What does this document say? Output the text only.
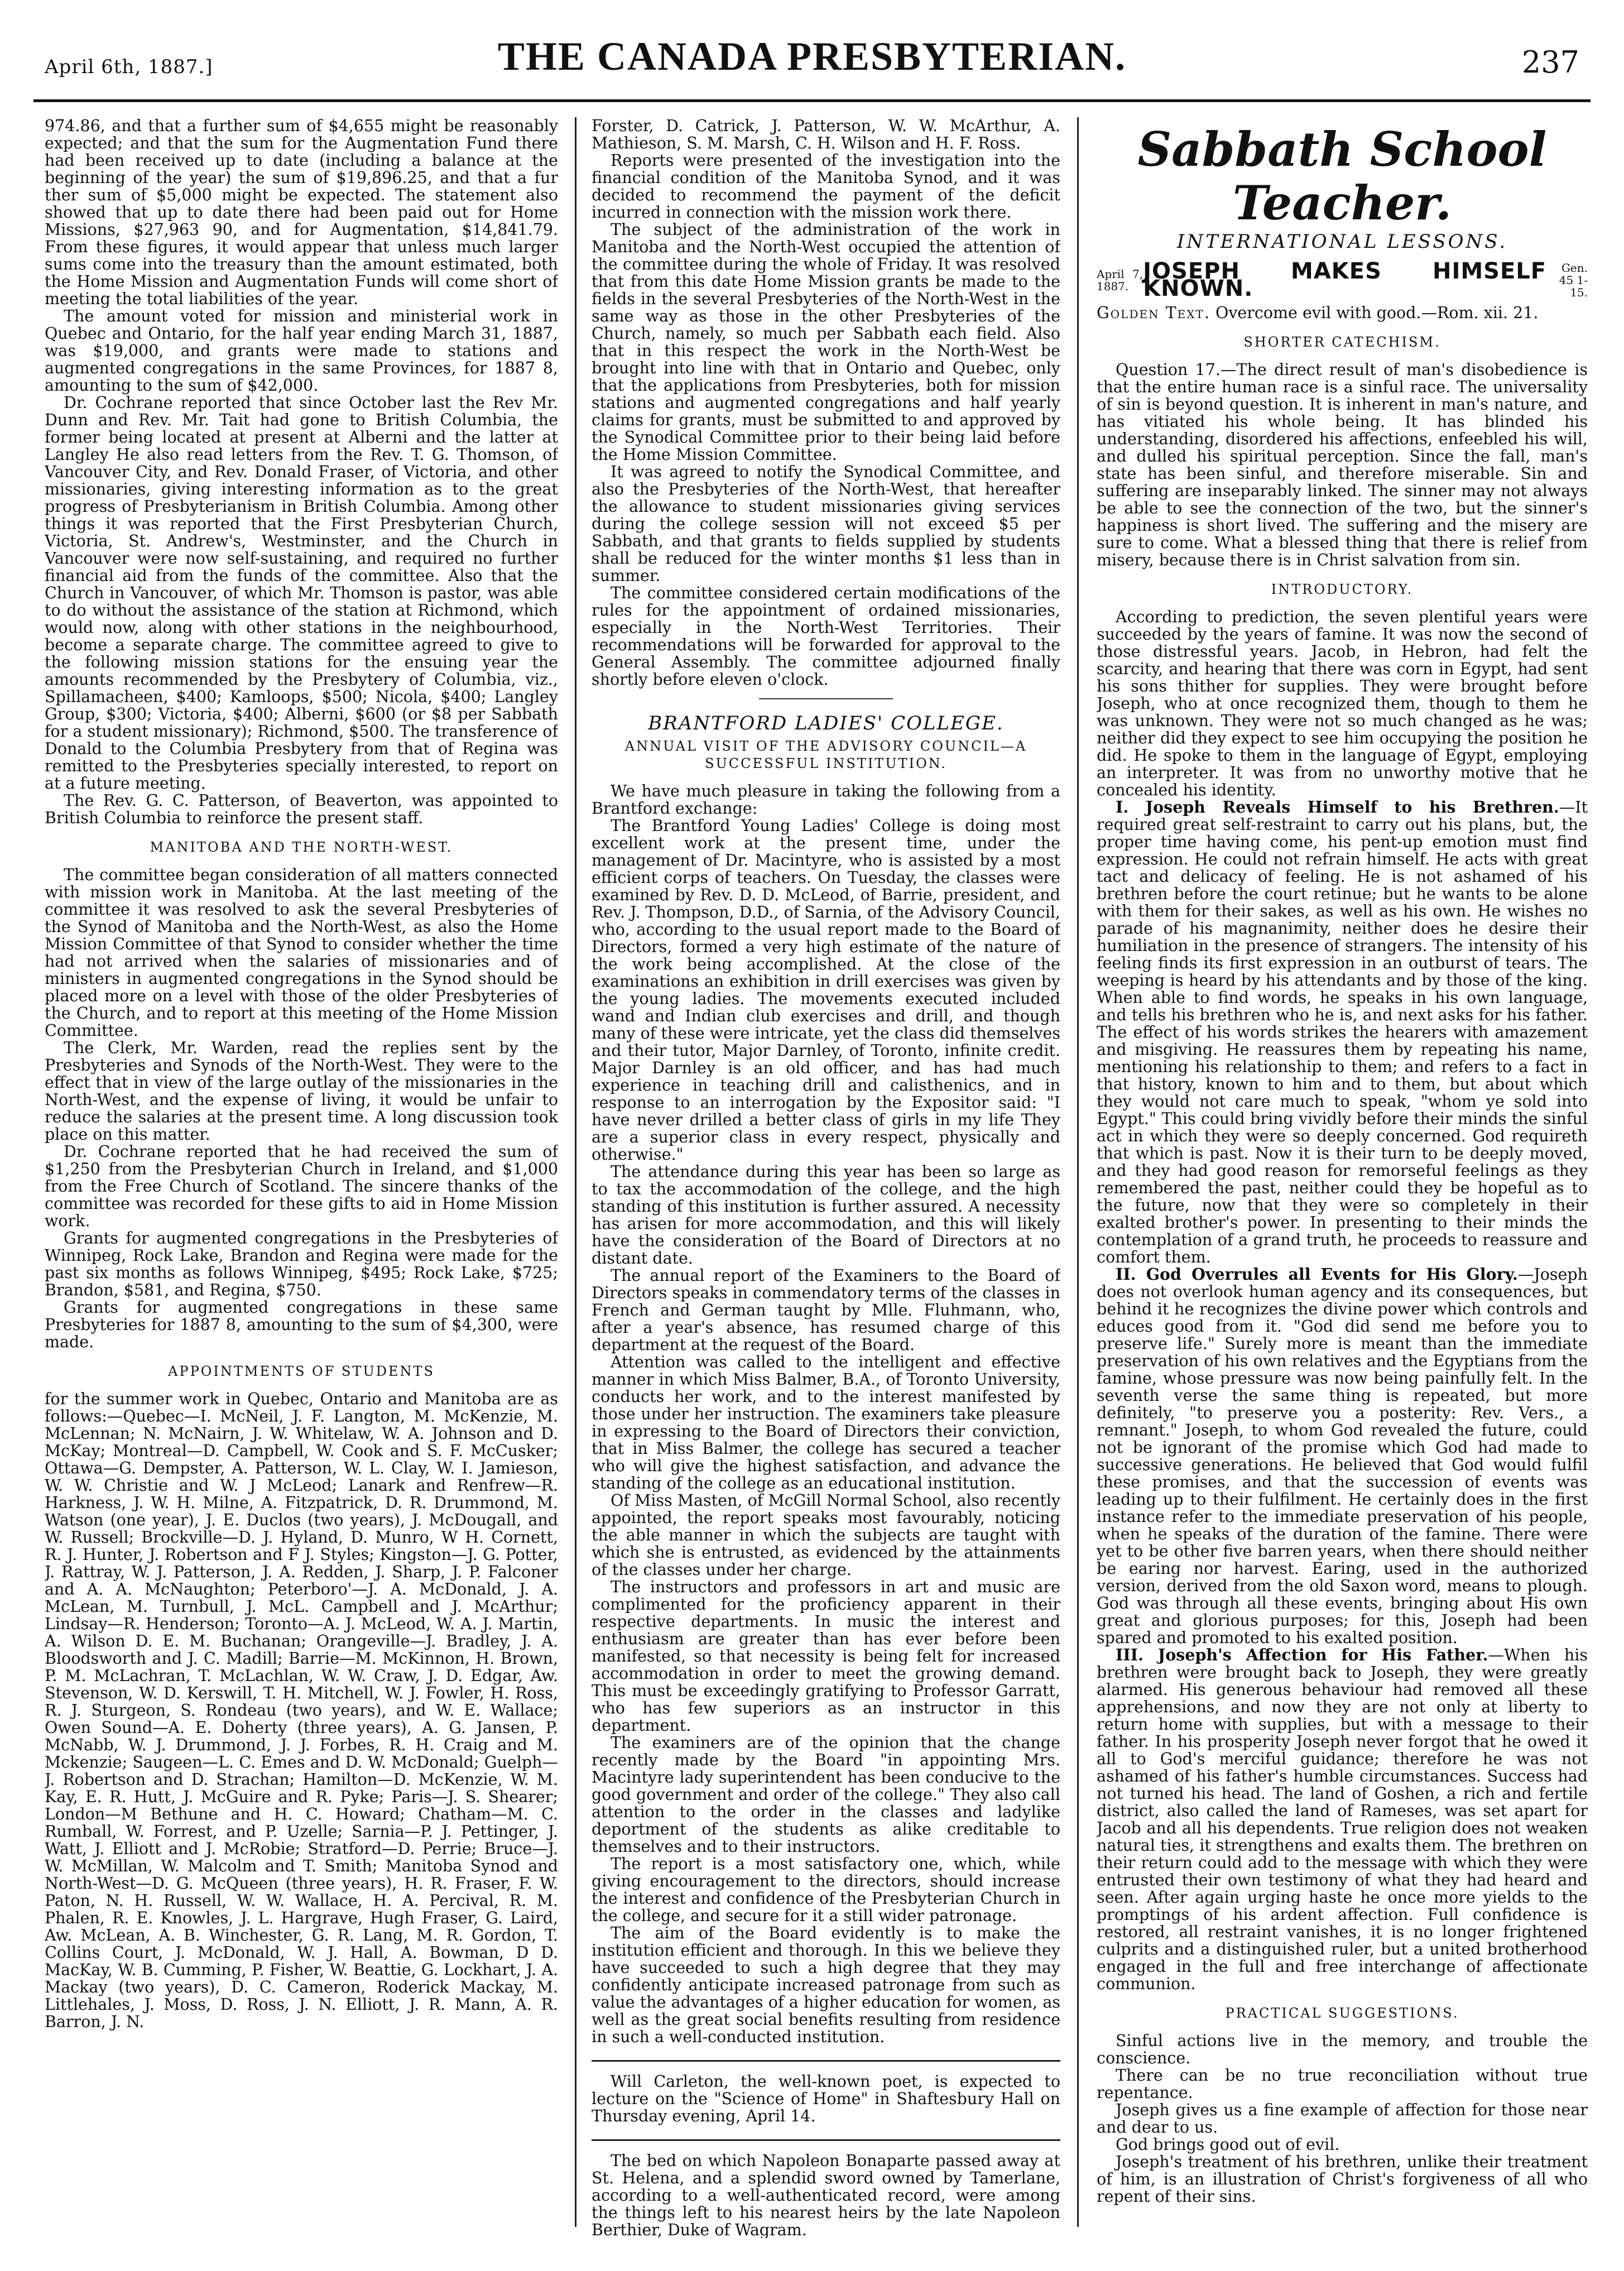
April 6th, 1887.]	THE CANADA PRESBYTERIAN.	237

974.86, and that a further sum of $4,655 might be reasonably expected; and that the sum for the Augmentation Fund there had been received up to date (including a balance at the beginning of the year) the sum of $19,896.25, and that a fur ther sum of $5,000 might be expected. The statement also showed that up to date there had been paid out for Home Missions, $27,963 90, and for Augmentation, $14,841.79. From these figures, it would appear that unless much larger sums come into the treasury than the amount estimated, both the Home Mission and Augmentation Funds will come short of meeting the total liabilities of the year.

The amount voted for mission and ministerial work in Quebec and Ontario, for the half year ending March 31, 1887, was $19,000, and grants were made to stations and augmented congregations in the same Provinces, for 1887 8, amounting to the sum of $42,000.

Dr. Cochrane reported that since October last the Rev Mr. Dunn and Rev. Mr. Tait had gone to British Columbia, the former being located at present at Alberni and the latter at Langley He also read letters from the Rev. T. G. Thomson, of Vancouver City, and Rev. Donald Fraser, of Victoria, and other missionaries, giving interesting information as to the great progress of Presbyterianism in British Columbia. Among other things it was reported that the First Presbyterian Church, Victoria, St. Andrew's, Westminster, and the Church in Vancouver were now self-sustaining, and required no further financial aid from the funds of the committee. Also that the Church in Vancouver, of which Mr. Thomson is pastor, was able to do without the assistance of the station at Richmond, which would now, along with other stations in the neighbourhood, become a separate charge. The committee agreed to give to the following mission stations for the ensuing year the amounts recommended by the Presbytery of Columbia, viz., Spillamacheen, $400; Kamloops, $500; Nicola, $400; Langley Group, $300; Victoria, $400; Alberni, $600 (or $8 per Sabbath for a student missionary); Richmond, $500. The transference of Donald to the Columbia Presbytery from that of Regina was remitted to the Presbyteries specially interested, to report on at a future meeting.

The Rev. G. C. Patterson, of Beaverton, was appointed to British Columbia to reinforce the present staff.

MANITOBA AND THE NORTH-WEST.

The committee began consideration of all matters connected with mission work in Manitoba. At the last meeting of the committee it was resolved to ask the several Presbyteries of the Synod of Manitoba and the North-West, as also the Home Mission Committee of that Synod to consider whether the time had not arrived when the salaries of missionaries and of ministers in augmented congregations in the Synod should be placed more on a level with those of the older Presbyteries of the Church, and to report at this meeting of the Home Mission Committee.

The Clerk, Mr. Warden, read the replies sent by the Presbyteries and Synods of the North-West. They were to the effect that in view of the large outlay of the missionaries in the North-West, and the expense of living, it would be unfair to reduce the salaries at the present time. A long discussion took place on this matter.

Dr. Cochrane reported that he had received the sum of $1,250 from the Presbyterian Church in Ireland, and $1,000 from the Free Church of Scotland. The sincere thanks of the committee was recorded for these gifts to aid in Home Mission work.

Grants for augmented congregations in the Presbyteries of Winnipeg, Rock Lake, Brandon and Regina were made for the past six months as follows Winnipeg, $495; Rock Lake, $725; Brandon, $581, and Regina, $750.

Grants for augmented congregations in these same Presbyteries for 1887 8, amounting to the sum of $4,300, were made.

APPOINTMENTS OF STUDENTS

for the summer work in Quebec, Ontario and Manitoba are as follows:—Quebec—I. McNeil, J. F. Langton, M. McKenzie, M. McLennan; N. McNairn, J. W. Whitelaw, W. A. Johnson and D. McKay; Montreal—D. Campbell, W. Cook and S. F. McCusker; Ottawa—G. Dempster, A. Patterson, W. L. Clay, W. I. Jamieson, W. W. Christie and W. J McLeod; Lanark and Renfrew—R. Harkness, J. W. H. Milne, A. Fitzpatrick, D. R. Drummond, M. Watson (one year), J. E. Duclos (two years), J. McDougall, and W. Russell; Brockville—D. J. Hyland, D. Munro, W H. Cornett, R. J. Hunter, J. Robertson and F J. Styles; Kingston—J. G. Potter, J. Rattray, W. J. Patterson, J. A. Redden, J. Sharp, J. P. Falconer and A. A. McNaughton; Peterboro'—J. A. McDonald, J. A. McLean, M. Turnbull, J. McL. Campbell and J. McArthur; Lindsay—R. Henderson; Toronto—A. J. McLeod, W. A. J. Martin, A. Wilson D. E. M. Buchanan; Orangeville—J. Bradley, J. A. Bloodsworth and J. C. Madill; Barrie—M. McKinnon, H. Brown, P. M. McLachran, T. McLachlan, W. W. Craw, J. D. Edgar, Aw. Stevenson, W. D. Kerswill, T. H. Mitchell, W. J. Fowler, H. Ross, R. J. Sturgeon, S. Rondeau (two years), and W. E. Wallace; Owen Sound—A. E. Doherty (three years), A. G. Jansen, P. McNabb, W. J. Drummond, J. J. Forbes, R. H. Craig and M. Mckenzie; Saugeen—L. C. Emes and D. W. McDonald; Guelph—J. Robertson and D. Strachan; Hamilton—D. McKenzie, W. M. Kay, E. R. Hutt, J. McGuire and R. Pyke; Paris—J. S. Shearer; London—M Bethune and H. C. Howard; Chatham—M. C. Rumball, W. Forrest, and P. Uzelle; Sarnia—P. J. Pettinger, J. Watt, J. Elliott and J. McRobie; Stratford—D. Perrie; Bruce—J. W. McMillan, W. Malcolm and T. Smith; Manitoba Synod and North-West—D. G. McQueen (three years), H. R. Fraser, F. W. Paton, N. H. Russell, W. W. Wallace, H. A. Percival, R. M. Phalen, R. E. Knowles, J. L. Hargrave, Hugh Fraser, G. Laird, Aw. McLean, A. B. Winchester, G. R. Lang, M. R. Gordon, T. Collins Court, J. McDonald, W. J. Hall, A. Bowman, D D. MacKay, W. B. Cumming, P. Fisher, W. Beattie, G. Lockhart, J. A. Mackay (two years), D. C. Cameron, Roderick Mackay, M. Littlehales, J. Moss, D. Ross, J. N. Elliott, J. R. Mann, A. R. Barron, J. N.

Forster, D. Catrick, J. Patterson, W. W. McArthur, A. Mathieson, S. M. Marsh, C. H. Wilson and H. F. Ross.

Reports were presented of the investigation into the financial condition of the Manitoba Synod, and it was decided to recommend the payment of the deficit incurred in connection with the mission work there.

The subject of the administration of the work in Manitoba and the North-West occupied the attention of the committee during the whole of Friday. It was resolved that from this date Home Mission grants be made to the fields in the several Presbyteries of the North-West in the same way as those in the other Presbyteries of the Church, namely, so much per Sabbath each field. Also that in this respect the work in the North-West be brought into line with that in Ontario and Quebec, only that the applications from Presbyteries, both for mission stations and augmented congregations and half yearly claims for grants, must be submitted to and approved by the Synodical Committee prior to their being laid before the Home Mission Committee.

It was agreed to notify the Synodical Committee, and also the Presbyteries of the North-West, that hereafter the allowance to student missionaries giving services during the college session will not exceed $5 per Sabbath, and that grants to fields supplied by students shall be reduced for the winter months $1 less than in summer.

The committee considered certain modifications of the rules for the appointment of ordained missionaries, especially in the North-West Territories. Their recommendations will be forwarded for approval to the General Assembly. The committee adjourned finally shortly before eleven o'clock.

BRANTFORD LADIES' COLLEGE.
ANNUAL VISIT OF THE ADVISORY COUNCIL—A SUCCESSFUL INSTITUTION.

We have much pleasure in taking the following from a Brantford exchange:

The Brantford Young Ladies' College is doing most excellent work at the present time, under the management of Dr. Macintyre, who is assisted by a most efficient corps of teachers. On Tuesday, the classes were examined by Rev. D. D. McLeod, of Barrie, president, and Rev. J. Thompson, D.D., of Sarnia, of the Advisory Council, who, according to the usual report made to the Board of Directors, formed a very high estimate of the nature of the work being accomplished. At the close of the examinations an exhibition in drill exercises was given by the young ladies. The movements executed included wand and Indian club exercises and drill, and though many of these were intricate, yet the class did themselves and their tutor, Major Darnley, of Toronto, infinite credit. Major Darnley is an old officer, and has had much experience in teaching drill and calisthenics, and in response to an interrogation by the Expositor said: "I have never drilled a better class of girls in my life They are a superior class in every respect, physically and otherwise."

The attendance during this year has been so large as to tax the accommodation of the college, and the high standing of this institution is further assured. A necessity has arisen for more accommodation, and this will likely have the consideration of the Board of Directors at no distant date.

The annual report of the Examiners to the Board of Directors speaks in commendatory terms of the classes in French and German taught by Mlle. Fluhmann, who, after a year's absence, has resumed charge of this department at the request of the Board.

Attention was called to the intelligent and effective manner in which Miss Balmer, B.A., of Toronto University, conducts her work, and to the interest manifested by those under her instruction. The examiners take pleasure in expressing to the Board of Directors their conviction, that in Miss Balmer, the college has secured a teacher who will give the highest satisfaction, and advance the standing of the college as an educational institution.

Of Miss Masten, of McGill Normal School, also recently appointed, the report speaks most favourably, noticing the able manner in which the subjects are taught with which she is entrusted, as evidenced by the attainments of the classes under her charge.

The instructors and professors in art and music are complimented for the proficiency apparent in their respective departments. In music the interest and enthusiasm are greater than has ever before been manifested, so that necessity is being felt for increased accommodation in order to meet the growing demand. This must be exceedingly gratifying to Professor Garratt, who has few superiors as an instructor in this department.

The examiners are of the opinion that the change recently made by the Board "in appointing Mrs. Macintyre lady superintendent has been conducive to the good government and order of the college." They also call attention to the order in the classes and ladylike deportment of the students as alike creditable to themselves and to their instructors.

The report is a most satisfactory one, which, while giving encouragement to the directors, should increase the interest and confidence of the Presbyterian Church in the college, and secure for it a still wider patronage.

The aim of the Board evidently is to make the institution efficient and thorough. In this we believe they have succeeded to such a high degree that they may confidently anticipate increased patronage from such as value the advantages of a higher education for women, as well as the great social benefits resulting from residence in such a well-conducted institution.

Will Carleton, the well-known poet, is expected to lecture on the "Science of Home" in Shaftesbury Hall on Thursday evening, April 14.

The bed on which Napoleon Bonaparte passed away at St. Helena, and a splendid sword owned by Tamerlane, according to a well-authenticated record, were among the things left to his nearest heirs by the late Napoleon Berthier, Duke of Wagram.

Sabbath School Teacher.
INTERNATIONAL LESSONS.
April 7, 1887.
JOSEPH MAKES HIMSELF KNOWN.
Gen. 45 1-15.

Golden Text. Overcome evil with good.—Rom. xii. 21.

SHORTER CATECHISM.

Question 17.—The direct result of man's disobedience is that the entire human race is a sinful race. The universality of sin is beyond question. It is inherent in man's nature, and has vitiated his whole being. It has blinded his understanding, disordered his affections, enfeebled his will, and dulled his spiritual perception. Since the fall, man's state has been sinful, and therefore miserable. Sin and suffering are inseparably linked. The sinner may not always be able to see the connection of the two, but the sinner's happiness is short lived. The suffering and the misery are sure to come. What a blessed thing that there is relief from misery, because there is in Christ salvation from sin.

INTRODUCTORY.

According to prediction, the seven plentiful years were succeeded by the years of famine. It was now the second of those distressful years. Jacob, in Hebron, had felt the scarcity, and hearing that there was corn in Egypt, had sent his sons thither for supplies. They were brought before Joseph, who at once recognized them, though to them he was unknown. They were not so much changed as he was; neither did they expect to see him occupying the position he did. He spoke to them in the language of Egypt, employing an interpreter. It was from no unworthy motive that he concealed his identity.

I. Joseph Reveals Himself to his Brethren.—It required great self-restraint to carry out his plans, but, the proper time having come, his pent-up emotion must find expression. He could not refrain himself. He acts with great tact and delicacy of feeling. He is not ashamed of his brethren before the court retinue; but he wants to be alone with them for their sakes, as well as his own. He wishes no parade of his magnanimity, neither does he desire their humiliation in the presence of strangers. The intensity of his feeling finds its first expression in an outburst of tears. The weeping is heard by his attendants and by those of the king. When able to find words, he speaks in his own language, and tells his brethren who he is, and next asks for his father. The effect of his words strikes the hearers with amazement and misgiving. He reassures them by repeating his name, mentioning his relationship to them; and refers to a fact in that history, known to him and to them, but about which they would not care much to speak, "whom ye sold into Egypt." This could bring vividly before their minds the sinful act in which they were so deeply concerned. God requireth that which is past. Now it is their turn to be deeply moved, and they had good reason for remorseful feelings as they remembered the past, neither could they be hopeful as to the future, now that they were so completely in their exalted brother's power. In presenting to their minds the contemplation of a grand truth, he proceeds to reassure and comfort them.

II. God Overrules all Events for His Glory.—Joseph does not overlook human agency and its consequences, but behind it he recognizes the divine power which controls and educes good from it. "God did send me before you to preserve life." Surely more is meant than the immediate preservation of his own relatives and the Egyptians from the famine, whose pressure was now being painfully felt. In the seventh verse the same thing is repeated, but more definitely, "to preserve you a posterity: Rev. Vers., a remnant." Joseph, to whom God revealed the future, could not be ignorant of the promise which God had made to successive generations. He believed that God would fulfil these promises, and that the succession of events was leading up to their fulfilment. He certainly does in the first instance refer to the immediate preservation of his people, when he speaks of the duration of the famine. There were yet to be other five barren years, when there should neither be earing nor harvest. Earing, used in the authorized version, derived from the old Saxon word, means to plough. God was through all these events, bringing about His own great and glorious purposes; for this, Joseph had been spared and promoted to his exalted position.

III. Joseph's Affection for His Father.—When his brethren were brought back to Joseph, they were greatly alarmed. His generous behaviour had removed all these apprehensions, and now they are not only at liberty to return home with supplies, but with a message to their father. In his prosperity Joseph never forgot that he owed it all to God's merciful guidance; therefore he was not ashamed of his father's humble circumstances. Success had not turned his head. The land of Goshen, a rich and fertile district, also called the land of Rameses, was set apart for Jacob and all his dependents. True religion does not weaken natural ties, it strengthens and exalts them. The brethren on their return could add to the message with which they were entrusted their own testimony of what they had heard and seen. After again urging haste he once more yields to the promptings of his ardent affection. Full confidence is restored, all restraint vanishes, it is no longer frightened culprits and a distinguished ruler, but a united brotherhood engaged in the full and free interchange of affectionate communion.

PRACTICAL SUGGESTIONS.

Sinful actions live in the memory, and trouble the conscience.

There can be no true reconciliation without true repentance.

Joseph gives us a fine example of affection for those near and dear to us.

God brings good out of evil.

Joseph's treatment of his brethren, unlike their treatment of him, is an illustration of Christ's forgiveness of all who repent of their sins.
